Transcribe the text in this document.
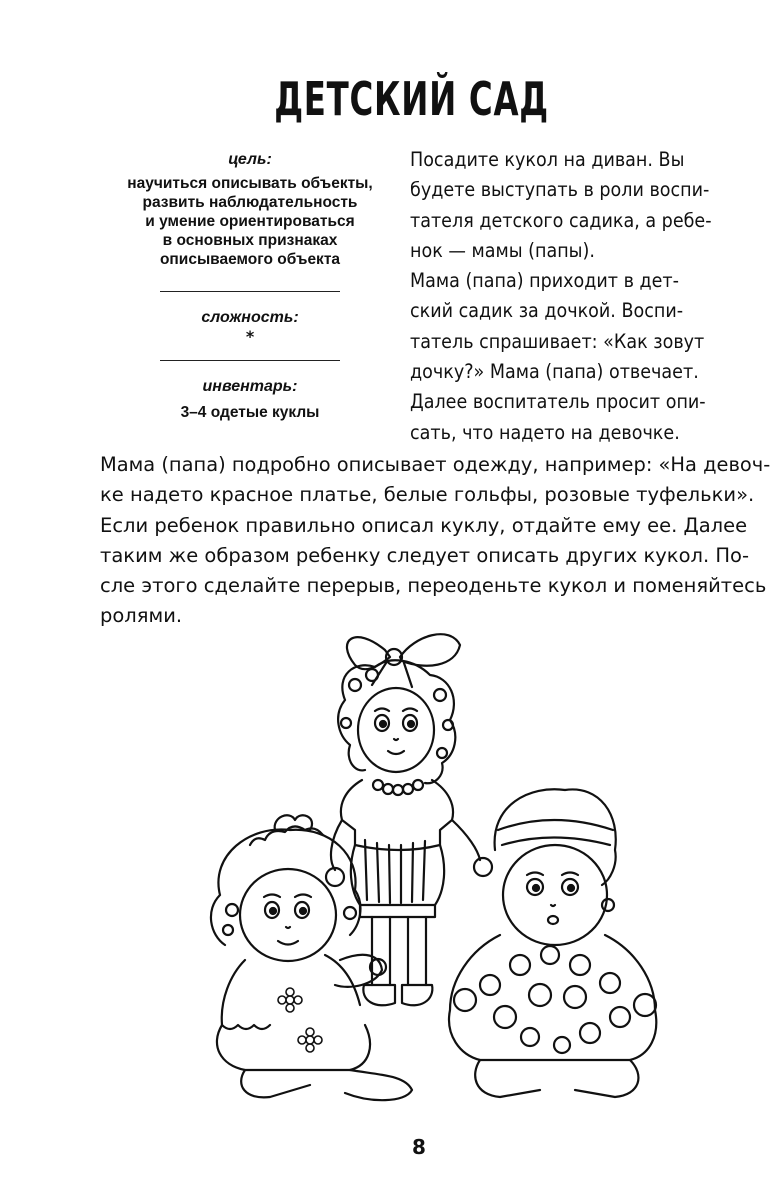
ДЕТСКИЙ САД
цель:
научиться описывать объекты,
развить наблюдательность
и умение ориентироваться
в основных признаках
описываемого объекта
сложность:
*
инвентарь:
3–4 одетые куклы
Посадите кукол на диван. Вы
будете выступать в роли воспи-
тателя детского садика, а ребе-
нок — мамы (папы).
Мама (папа) приходит в дет-
ский садик за дочкой. Воспи-
татель спрашивает: «Как зовут
дочку?» Мама (папа) отвечает.
Далее воспитатель просит опи-
сать, что надето на девочке.
Мама (папа) подробно описывает одежду, например: «На девоч-
ке надето красное платье, белые гольфы, розовые туфельки».
Если ребенок правильно описал куклу, отдайте ему ее. Далее
таким же образом ребенку следует описать других кукол. По-
сле этого сделайте перерыв, переоденьте кукол и поменяйтесь
ролями.
8
